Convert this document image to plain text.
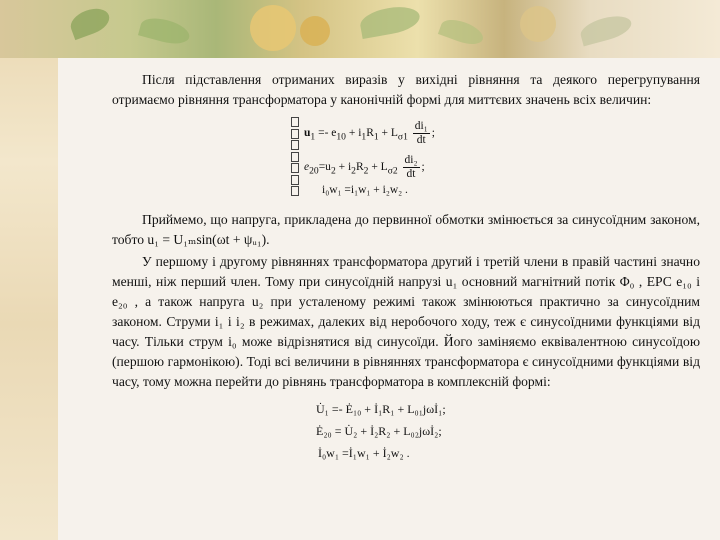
Після підставлення отриманих виразів у вихідні рівняння та деякого перегрупування отримаємо рівняння трансформатора у канонічній формі для миттєвих значень всіх величин:
$u_1 =- e_{10} + i_1R_1 + L_{\sigma 1} \frac{\text{di₁}}{dt}$ ;
$e_{20}=u_2 + i_2R_2 + L_{\sigma 2} \frac{\text{di₂}}{dt}$ ;
i₀w₁ =i₁w₁ + i₂w₂ .
Приймемо, що напруга, прикладена до первинної обмотки змінюється за синусоїдним законом, тобто u₁ = U₁ₘsin(ωt + ψᵤ₁).
У першому і другому рівняннях трансформатора другий і третій члени в правій частині значно менші, ніж перший член. Тому при синусоїдній напрузі u₁ основний магнітний потік Φ₀ , ЕРС e₁₀ і e₂₀ , а також напруга u₂ при усталеному режимі також змінюються практично за синусоїдним законом. Струми i₁ і i₂ в режимах, далеких від неробочого ходу, теж є синусоїдними функціями від часу. Тільки струм i₀ може відрізнятися від синусоїди. Його заміняємо еквівалентною синусоїдою (першою гармонікою). Тоді всі величини в рівняннях трансформатора є синусоїдними функціями від часу, тому можна перейти до рівнянь трансформатора в комплексній формі:
U̇₁ =- Ė₁₀ + İ₁R₁ + L₀₁jωİ₁;
Ė₂₀ = U̇₂ + İ₂R₂ + L₀₂jωİ₂;
İ₀w₁ =İ₁w₁ + İ₂w₂ .
